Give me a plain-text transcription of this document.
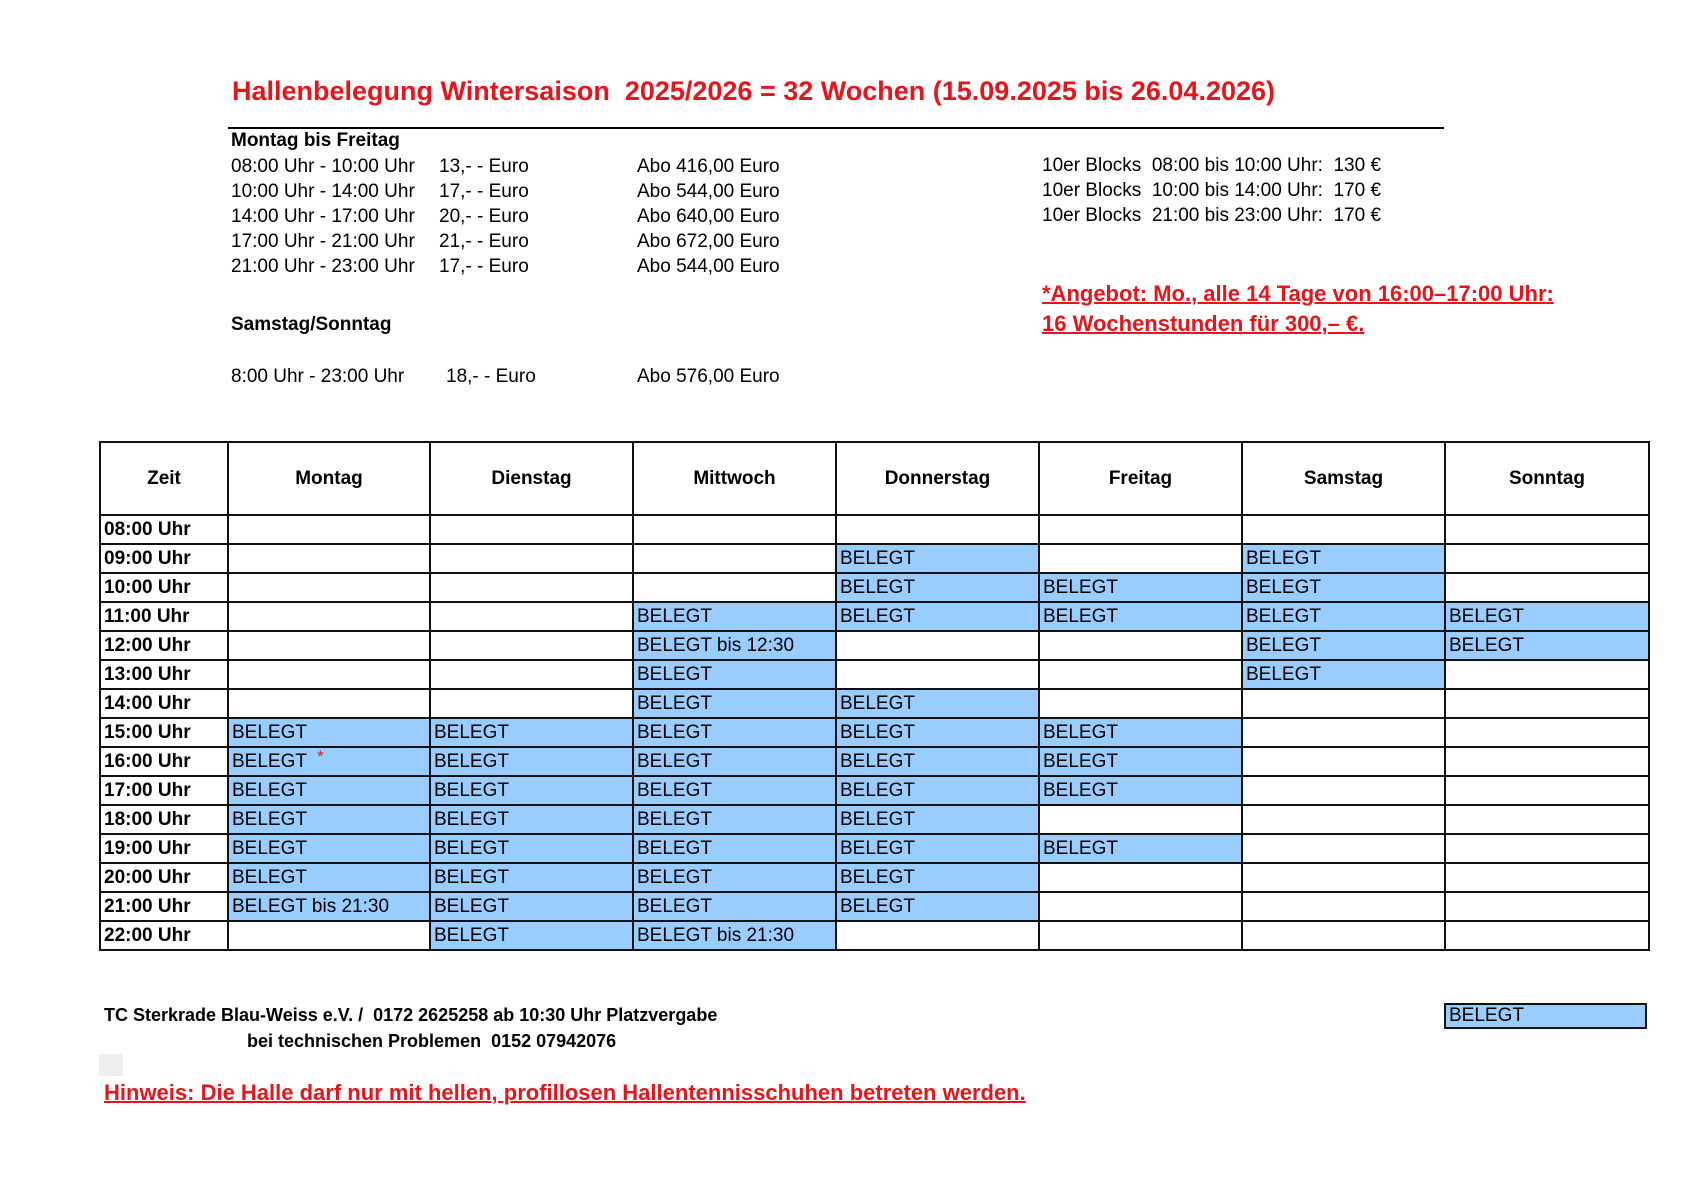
Hallenbelegung Wintersaison  2025/2026 = 32 Wochen (15.09.2025 bis 26.04.2026)
Montag bis Freitag
08:00 Uhr - 10:00 Uhr 13,- - Euro	Abo 416,00 Euro
10:00 Uhr - 14:00 Uhr 17,- - Euro	Abo 544,00 Euro
14:00 Uhr - 17:00 Uhr 20,- - Euro	Abo 640,00 Euro
17:00 Uhr - 21:00 Uhr 21,- - Euro	Abo 672,00 Euro
21:00 Uhr - 23:00 Uhr 17,- - Euro	Abo 544,00 Euro
Samstag/Sonntag
8:00 Uhr - 23:00 Uhr 18,- - Euro	Abo 576,00 Euro
10er Blocks  08:00 bis 10:00 Uhr:  130 €
10er Blocks  10:00 bis 14:00 Uhr:  170 €
10er Blocks  21:00 bis 23:00 Uhr:  170 €
*Angebot: Mo., alle 14 Tage von 16:00–17:00 Uhr:
16 Wochenstunden für 300,– €.
Zeit	Montag	Dienstag	Mittwoch	Donnerstag	Freitag	Samstag	Sonntag
08:00 Uhr							
09:00 Uhr				BELEGT		BELEGT	
10:00 Uhr				BELEGT	BELEGT	BELEGT	
11:00 Uhr			BELEGT	BELEGT	BELEGT	BELEGT	BELEGT
12:00 Uhr			BELEGT bis 12:30			BELEGT	BELEGT
13:00 Uhr			BELEGT			BELEGT	
14:00 Uhr			BELEGT	BELEGT			
15:00 Uhr	BELEGT	BELEGT	BELEGT	BELEGT	BELEGT		
16:00 Uhr	BELEGT *	BELEGT	BELEGT	BELEGT	BELEGT		
17:00 Uhr	BELEGT	BELEGT	BELEGT	BELEGT	BELEGT		
18:00 Uhr	BELEGT	BELEGT	BELEGT	BELEGT			
19:00 Uhr	BELEGT	BELEGT	BELEGT	BELEGT	BELEGT		
20:00 Uhr	BELEGT	BELEGT	BELEGT	BELEGT			
21:00 Uhr	BELEGT bis 21:30	BELEGT	BELEGT	BELEGT			
22:00 Uhr		BELEGT	BELEGT bis 21:30				
TC Sterkrade Blau-Weiss e.V. /  0172 2625258 ab 10:30 Uhr Platzvergabe
bei technischen Problemen  0152 07942076
BELEGT
Hinweis: Die Halle darf nur mit hellen, profillosen Hallentennisschuhen betreten werden.
